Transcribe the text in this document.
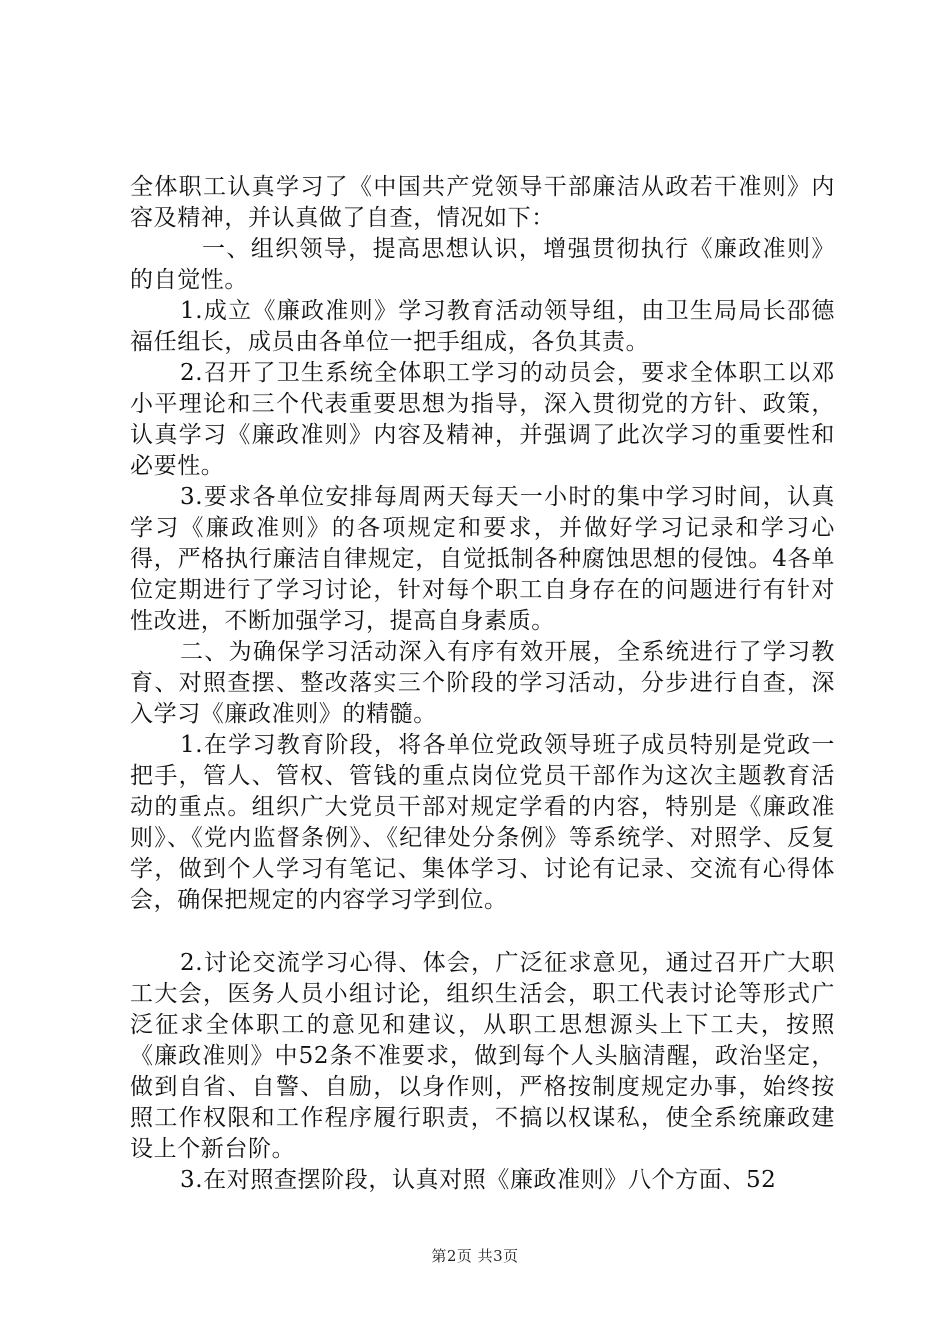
全体职工认真学习了《中国共产党领导干部廉洁从政若干准则》内容及精神，并认真做了自查，情况如下：

一、组织领导，提高思想认识，增强贯彻执行《廉政准则》的自觉性。

1.成立《廉政准则》学习教育活动领导组，由卫生局局长邵德福任组长，成员由各单位一把手组成，各负其责。

2.召开了卫生系统全体职工学习的动员会，要求全体职工以邓小平理论和三个代表重要思想为指导，深入贯彻党的方针、政策，认真学习《廉政准则》内容及精神，并强调了此次学习的重要性和必要性。

3.要求各单位安排每周两天每天一小时的集中学习时间，认真学习《廉政准则》的各项规定和要求，并做好学习记录和学习心得，严格执行廉洁自律规定，自觉抵制各种腐蚀思想的侵蚀。4各单位定期进行了学习讨论，针对每个职工自身存在的问题进行有针对性改进，不断加强学习，提高自身素质。

二、为确保学习活动深入有序有效开展，全系统进行了学习教育、对照查摆、整改落实三个阶段的学习活动，分步进行自查，深入学习《廉政准则》的精髓。

1.在学习教育阶段，将各单位党政领导班子成员特别是党政一把手，管人、管权、管钱的重点岗位党员干部作为这次主题教育活动的重点。组织广大党员干部对规定学看的内容，特别是《廉政准则》、《党内监督条例》、《纪律处分条例》等系统学、对照学、反复学，做到个人学习有笔记、集体学习、讨论有记录、交流有心得体会，确保把规定的内容学习学到位。

2.讨论交流学习心得、体会，广泛征求意见，通过召开广大职工大会，医务人员小组讨论，组织生活会，职工代表讨论等形式广泛征求全体职工的意见和建议，从职工思想源头上下工夫，按照《廉政准则》中52条不准要求，做到每个人头脑清醒，政治坚定，做到自省、自警、自励，以身作则，严格按制度规定办事，始终按照工作权限和工作程序履行职责，不搞以权谋私，使全系统廉政建设上个新台阶。

3.在对照查摆阶段，认真对照《廉政准则》八个方面、52

第2页 共3页
